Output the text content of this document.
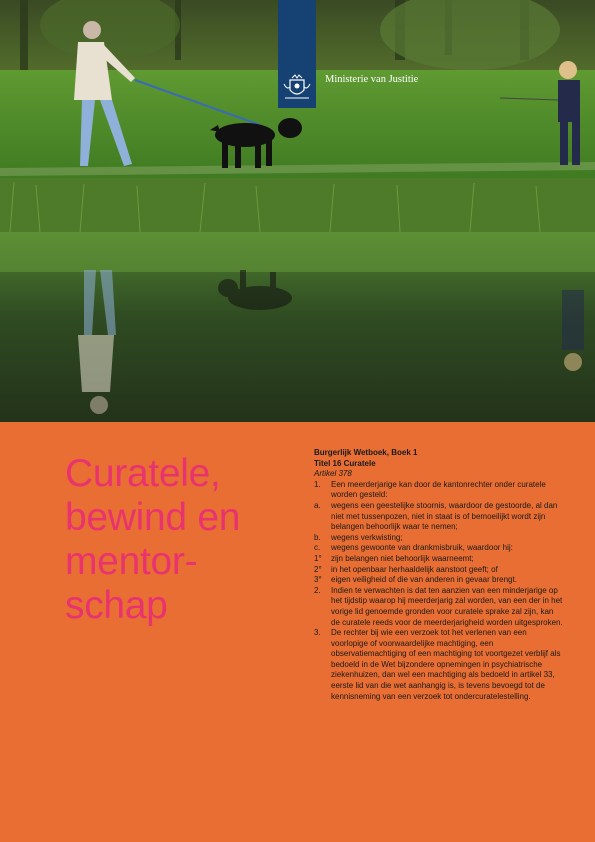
Ministerie van Justitie
Curatele,
bewind en
mentor-
schap
Burgerlijk Wetboek, Boek 1
Titel 16 Curatele
Artikel 378
1.	Een meerderjarige kan door de kantonrechter onder curatele worden gesteld:
a.	wegens een geestelijke stoornis, waardoor de gestoorde, al dan niet met tussenpozen, niet in staat is of bemoeilijkt wordt zijn belangen behoorlijk waar te nemen;
b.	wegens verkwisting;
c.	wegens gewoonte van drankmisbruik, waardoor hij:
1°	zijn belangen niet behoorlijk waarneemt;
2°	in het openbaar herhaaldelijk aanstoot geeft; of
3°	eigen veiligheid of die van anderen in gevaar brengt.
2.	Indien te verwachten is dat ten aanzien van een minderjarige op het tijdstip waarop hij meerderjarig zal worden, van een der in het vorige lid genoemde gronden voor curatele sprake zal zijn, kan de curatele reeds voor de meerderjarigheid worden uitgesproken.
3.	De rechter bij wie een verzoek tot het verlenen van een voorlopige of voorwaardelijke machtiging, een observatiemachtiging of een machtiging tot voortgezet verblijf als bedoeld in de Wet bijzondere opnemingen in psychiatrische ziekenhuizen, dan wel een machtiging als bedoeld in artikel 33, eerste lid van die wet aanhangig is, is tevens bevoegd tot de kennisneming van een verzoek tot ondercuratelestelling.
